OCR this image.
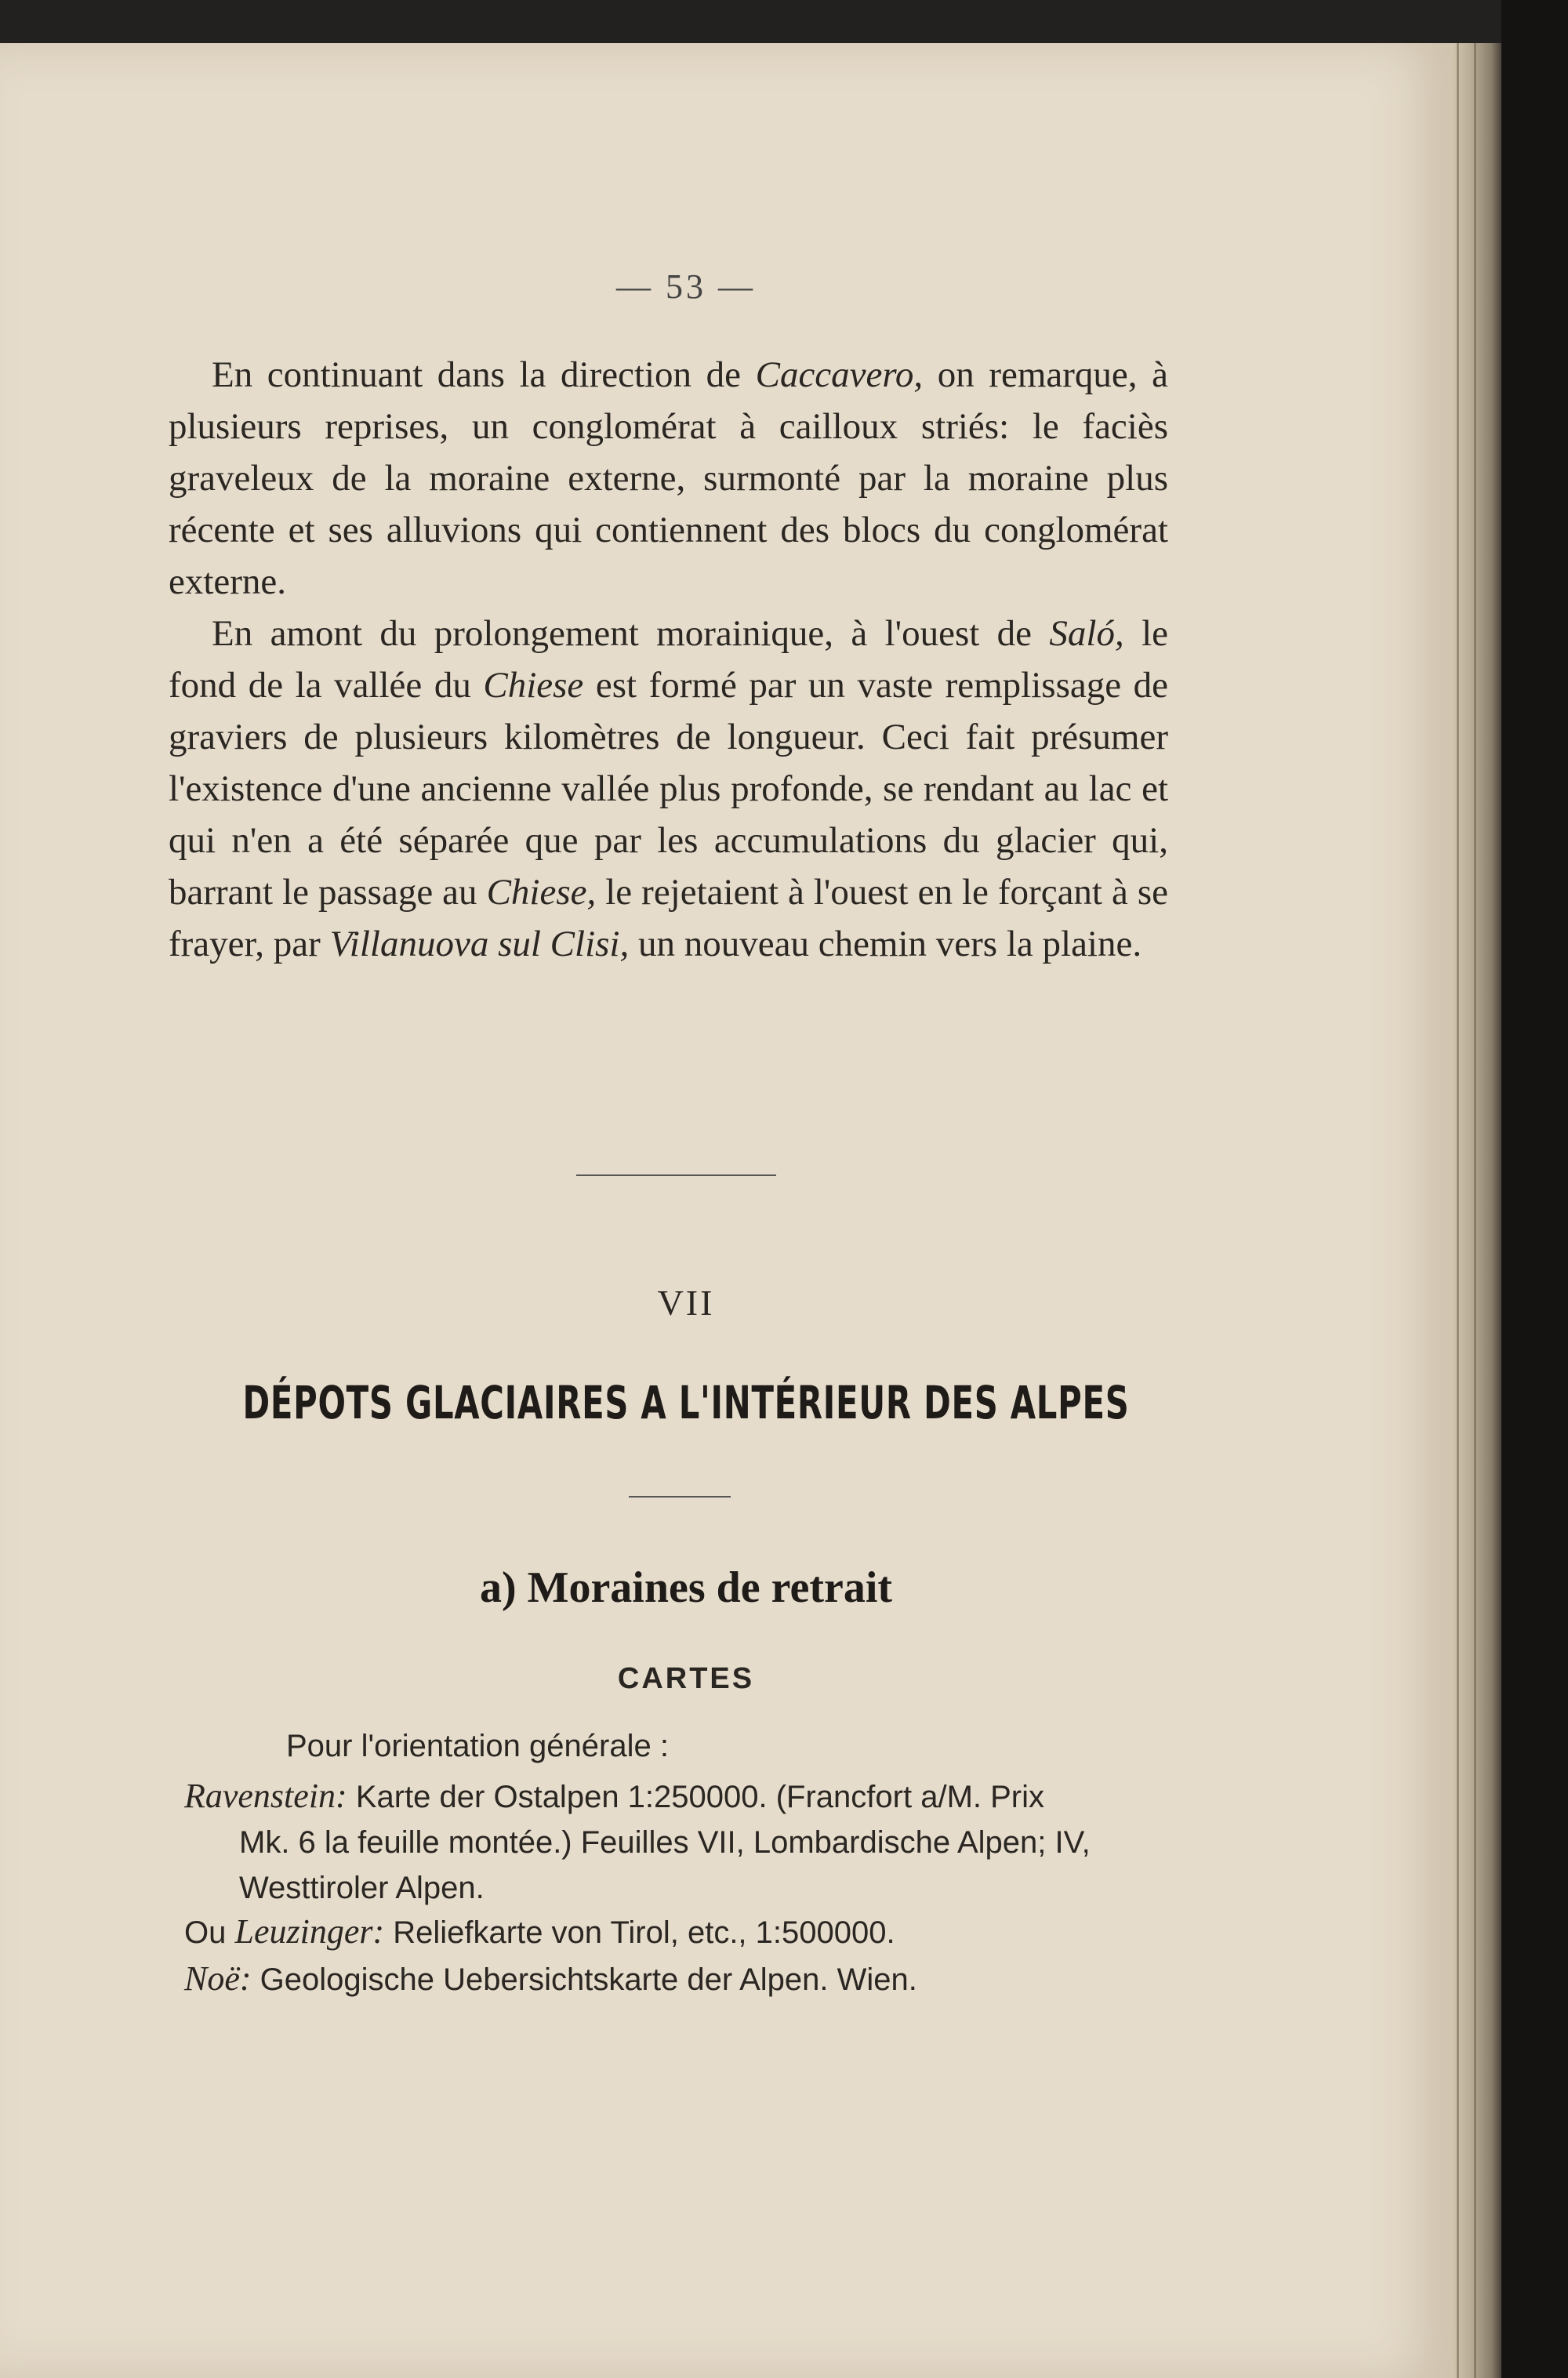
— 53 —

En continuant dans la direction de Caccavero, on remarque, à plusieurs reprises, un conglomérat à cailloux striés: le faciès graveleux de la moraine externe, surmonté par la moraine plus récente et ses alluvions qui contiennent des blocs du conglomérat externe.

En amont du prolongement morainique, à l'ouest de Saló, le fond de la vallée du Chiese est formé par un vaste remplissage de graviers de plusieurs kilomètres de longueur. Ceci fait présumer l'existence d'une ancienne vallée plus profonde, se rendant au lac et qui n'en a été séparée que par les accumulations du glacier qui, barrant le passage au Chiese, le rejetaient à l'ouest en le forçant à se frayer, par Villanuova sul Clisi, un nouveau chemin vers la plaine.

VII
DÉPOTS GLACIAIRES A L'INTÉRIEUR DES ALPES
a) Moraines de retrait
CARTES
Pour l'orientation générale :
Ravenstein: Karte der Ostalpen 1:250000. (Francfort a/M. Prix
Mk. 6 la feuille montée.) Feuilles VII, Lombardische Alpen; IV, Westtiroler Alpen.
Ou Leuzinger: Reliefkarte von Tirol, etc., 1:500000.
Noë: Geologische Uebersichtskarte der Alpen. Wien.
